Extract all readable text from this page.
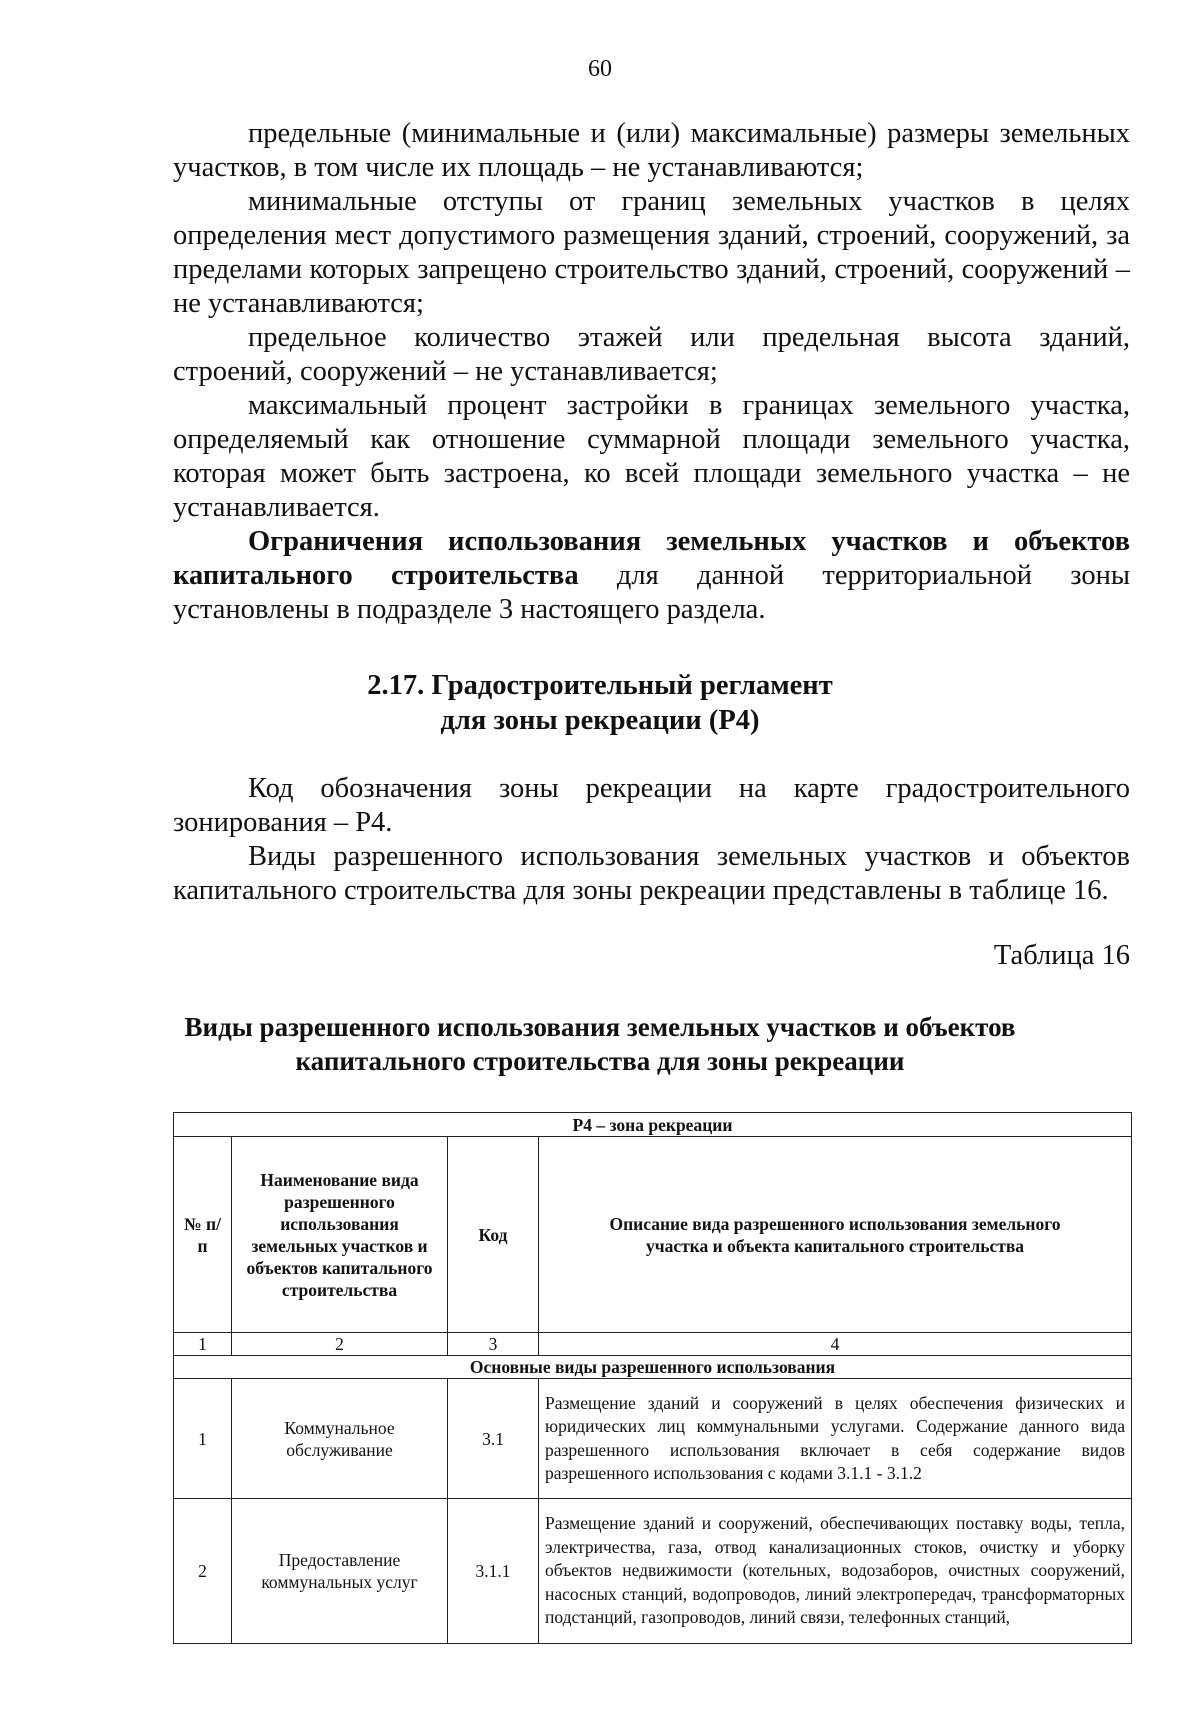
60

предельные (минимальные и (или) максимальные) размеры земельных участков, в том числе их площадь – не устанавливаются;

минимальные отступы от границ земельных участков в целях определения мест допустимого размещения зданий, строений, сооружений, за пределами которых запрещено строительство зданий, строений, сооружений – не устанавливаются;

предельное количество этажей или предельная высота зданий, строений, сооружений – не устанавливается;

максимальный процент застройки в границах земельного участка, определяемый как отношение суммарной площади земельного участка, которая может быть застроена, ко всей площади земельного участка – не устанавливается.

Ограничения использования земельных участков и объектов капитального строительства для данной территориальной зоны установлены в подразделе 3 настоящего раздела.

2.17. Градостроительный регламент
для зоны рекреации (Р4)

Код обозначения зоны рекреации на карте градостроительного зонирования – Р4.

Виды разрешенного использования земельных участков и объектов капитального строительства для зоны рекреации представлены в таблице 16.

Таблица 16
Виды разрешенного использования земельных участков и объектов
капитального строительства для зоны рекреации
Р4 – зона рекреации			
№ п/п	Наименование вида разрешенного использования земельных участков и объектов капитального строительства	Код	Описание вида разрешенного использования земельного участка и объекта капитального строительства
1	2	3	4
Основные виды разрешенного использования			
1	Коммунальное обслуживание	3.1	Размещение зданий и сооружений в целях обеспечения физических и юридических лиц коммунальными услугами. Содержание данного вида разрешенного использования включает в себя содержание видов разрешенного использования с кодами 3.1.1 - 3.1.2
2	Предоставление коммунальных услуг	3.1.1	Размещение зданий и сооружений, обеспечивающих поставку воды, тепла, электричества, газа, отвод канализационных стоков, очистку и уборку объектов недвижимости (котельных, водозаборов, очистных сооружений, насосных станций, водопроводов, линий электропередач, трансформаторных подстанций, газопроводов, линий связи, телефонных станций,
